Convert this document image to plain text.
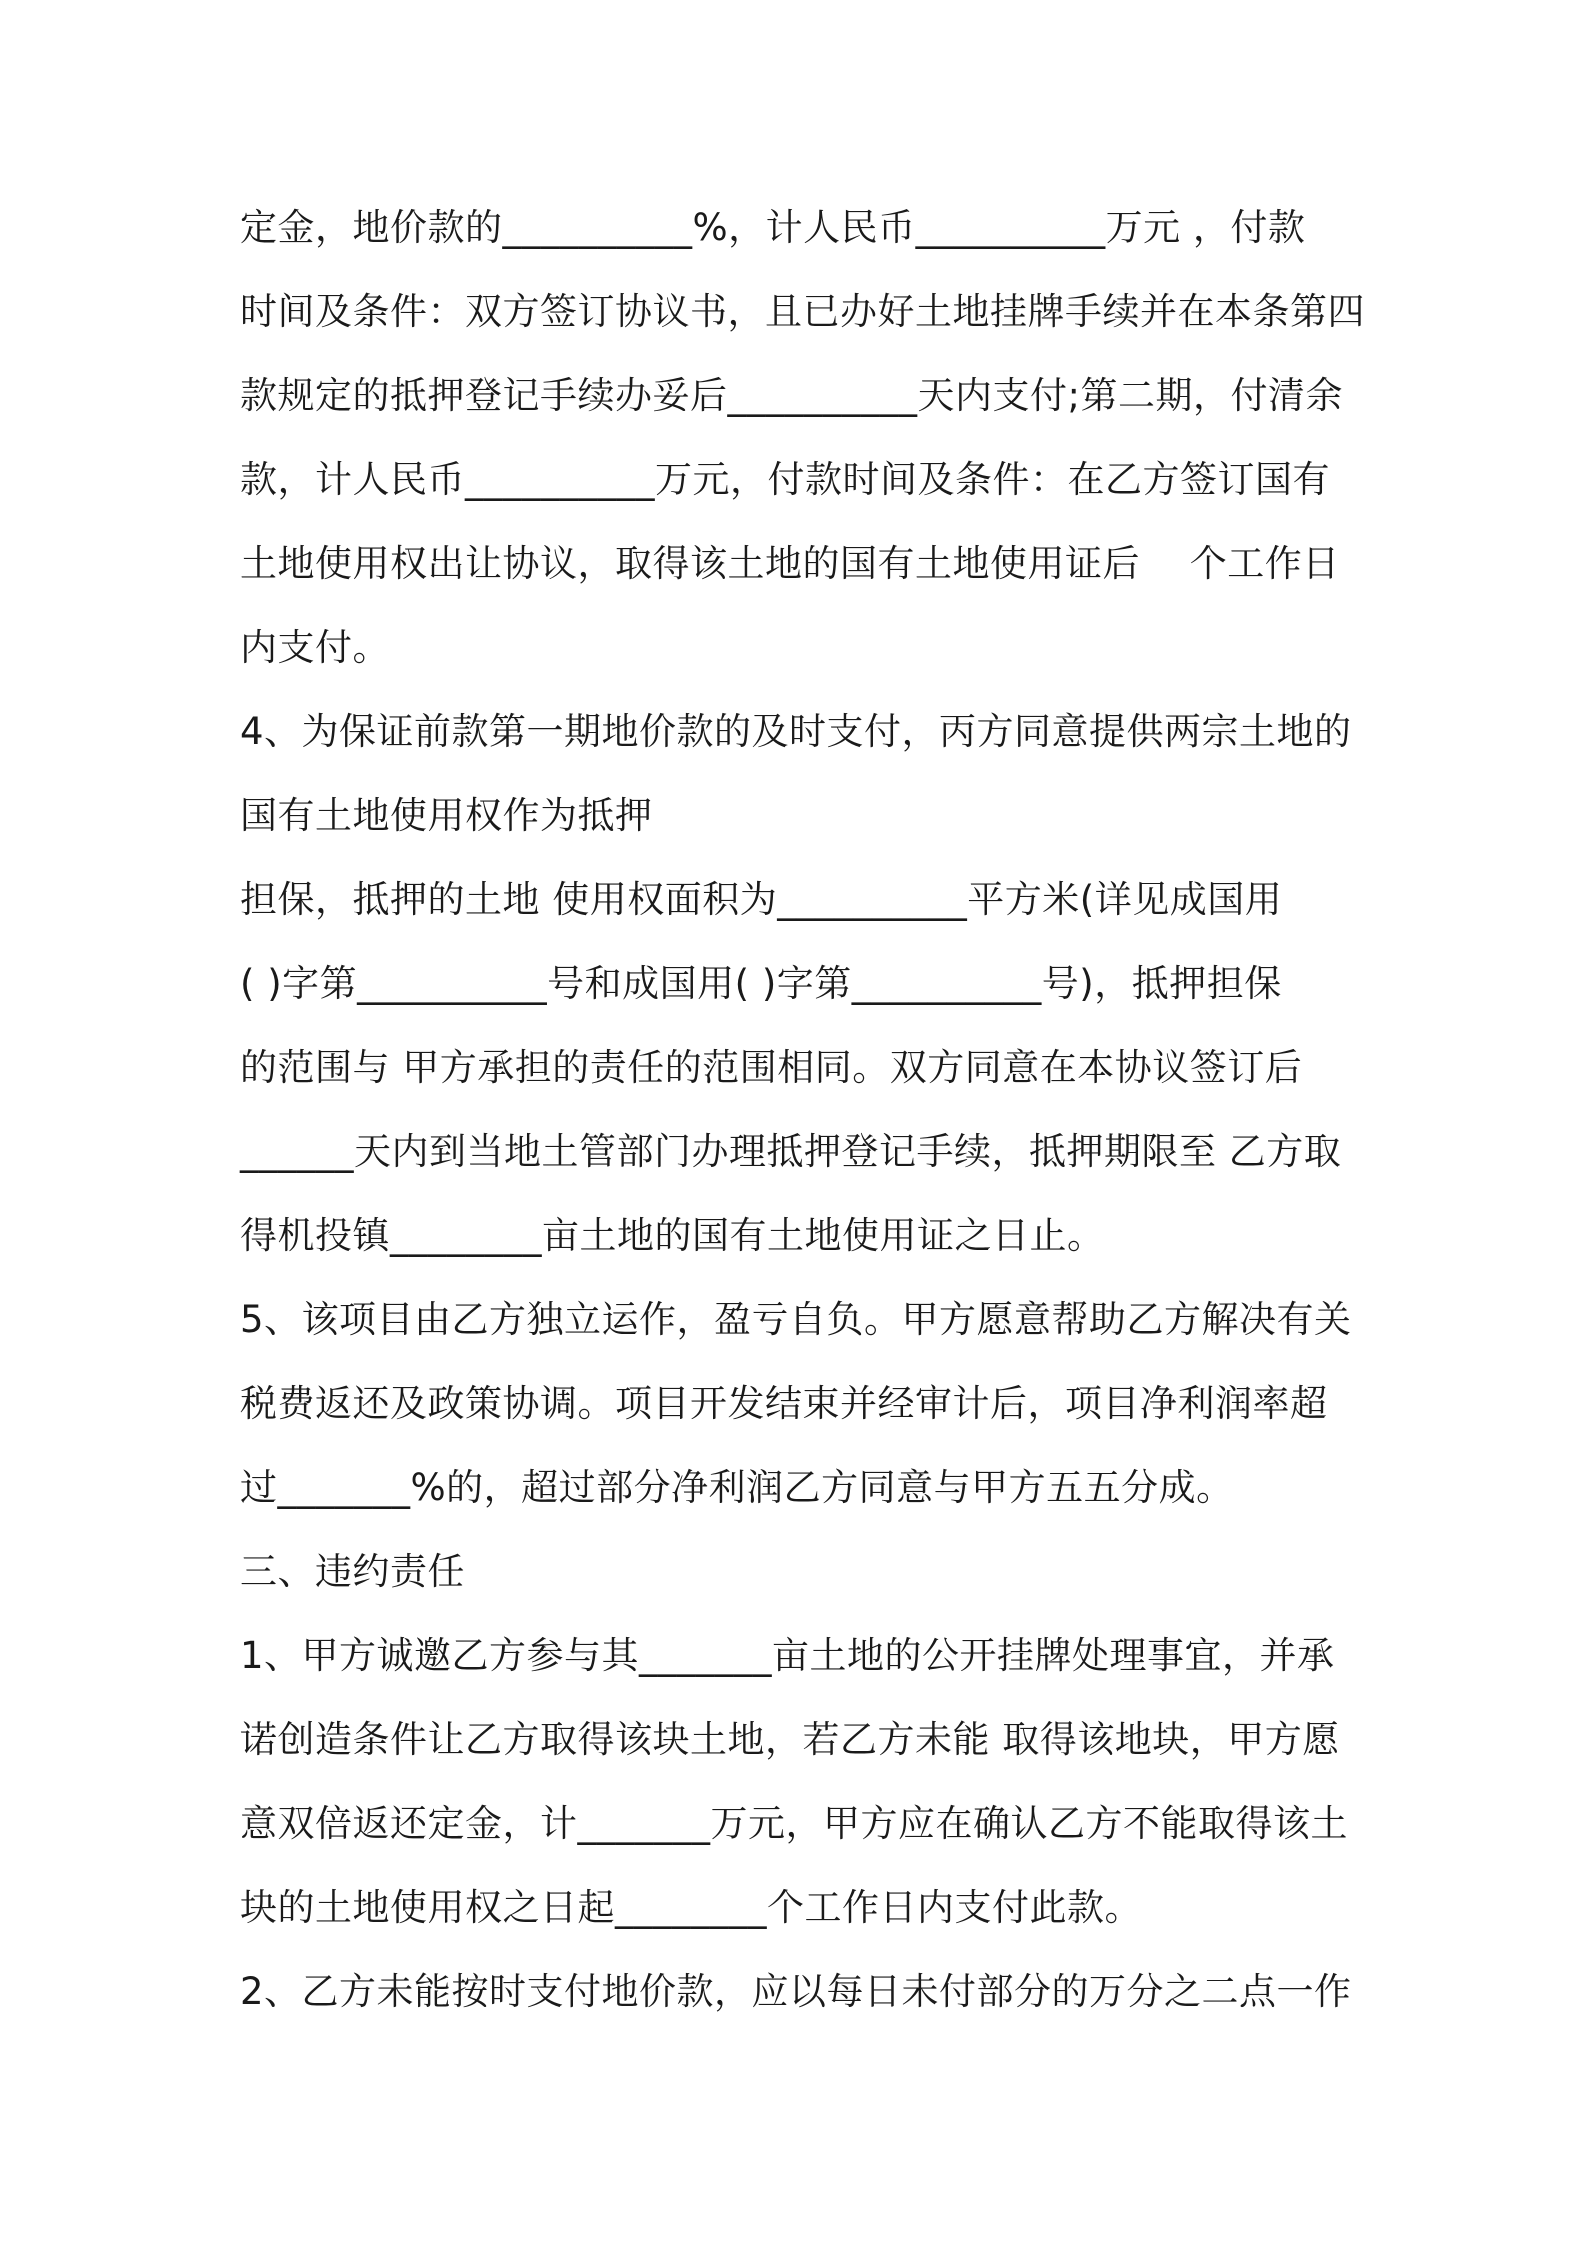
定金，地价款的__________%，计人民币__________万元 ，付款
时间及条件：双方签订协议书，且已办好土地挂牌手续并在本条第四
款规定的抵押登记手续办妥后__________天内支付;第二期，付清余
款，计人民币__________万元，付款时间及条件：在乙方签订国有
土地使用权出让协议，取得该土地的国有土地使用证后　 个工作日
内支付。
4、为保证前款第一期地价款的及时支付，丙方同意提供两宗土地的
国有土地使用权作为抵押
担保，抵押的土地 使用权面积为__________平方米(详见成国用
( )字第__________号和成国用( )字第__________号)，抵押担保
的范围与 甲方承担的责任的范围相同。双方同意在本协议签订后
______天内到当地土管部门办理抵押登记手续，抵押期限至 乙方取
得机投镇________亩土地的国有土地使用证之日止。
5、该项目由乙方独立运作，盈亏自负。甲方愿意帮助乙方解决有关
税费返还及政策协调。项目开发结束并经审计后，项目净利润率超
过_______%的，超过部分净利润乙方同意与甲方五五分成。
三、违约责任
1、甲方诚邀乙方参与其_______亩土地的公开挂牌处理事宜，并承
诺创造条件让乙方取得该块土地，若乙方未能 取得该地块，甲方愿
意双倍返还定金，计_______万元，甲方应在确认乙方不能取得该土
块的土地使用权之日起________个工作日内支付此款。
2、乙方未能按时支付地价款，应以每日未付部分的万分之二点一作
